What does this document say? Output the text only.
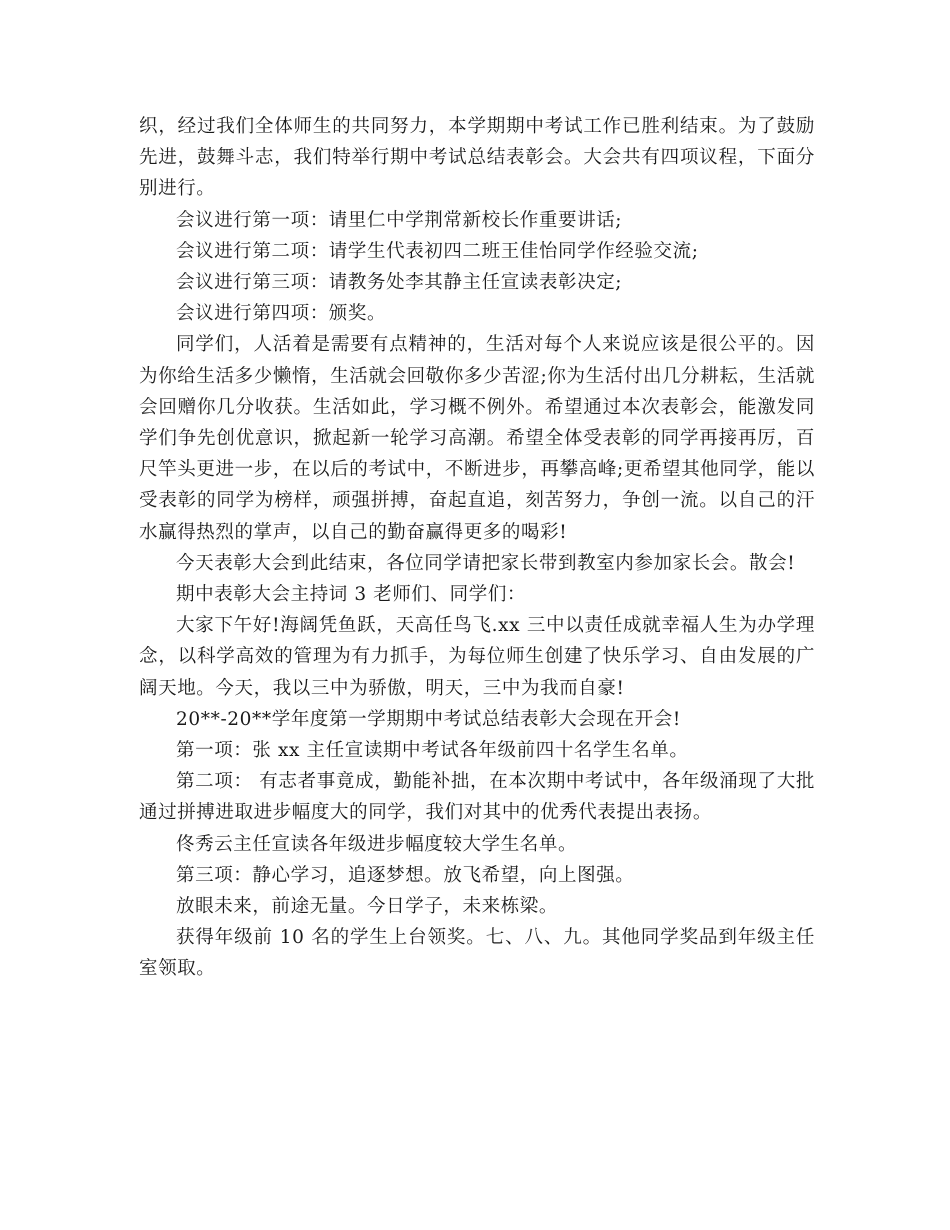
织，经过我们全体师生的共同努力，本学期期中考试工作已胜利结束。为了鼓励先进，鼓舞斗志，我们特举行期中考试总结表彰会。大会共有四项议程，下面分别进行。

会议进行第一项：请里仁中学荆常新校长作重要讲话;

会议进行第二项：请学生代表初四二班王佳怡同学作经验交流;

会议进行第三项：请教务处李其静主任宣读表彰决定;

会议进行第四项：颁奖。

同学们，人活着是需要有点精神的，生活对每个人来说应该是很公平的。因为你给生活多少懒惰，生活就会回敬你多少苦涩;你为生活付出几分耕耘，生活就会回赠你几分收获。生活如此，学习概不例外。希望通过本次表彰会，能激发同学们争先创优意识，掀起新一轮学习高潮。希望全体受表彰的同学再接再厉，百尺竿头更进一步，在以后的考试中，不断进步，再攀高峰;更希望其他同学，能以受表彰的同学为榜样，顽强拼搏，奋起直追，刻苦努力，争创一流。以自己的汗水赢得热烈的掌声，以自己的勤奋赢得更多的喝彩!

今天表彰大会到此结束，各位同学请把家长带到教室内参加家长会。散会!

期中表彰大会主持词 3 老师们、同学们：

大家下午好!海阔凭鱼跃，天高任鸟飞.xx 三中以责任成就幸福人生为办学理念，以科学高效的管理为有力抓手，为每位师生创建了快乐学习、自由发展的广阔天地。今天，我以三中为骄傲，明天，三中为我而自豪!

20**-20**学年度第一学期期中考试总结表彰大会现在开会!

第一项：张 xx 主任宣读期中考试各年级前四十名学生名单。

第二项： 有志者事竟成，勤能补拙，在本次期中考试中，各年级涌现了大批通过拼搏进取进步幅度大的同学，我们对其中的优秀代表提出表扬。

佟秀云主任宣读各年级进步幅度较大学生名单。

第三项：静心学习，追逐梦想。放飞希望，向上图强。

放眼未来，前途无量。今日学子，未来栋梁。

获得年级前 10 名的学生上台领奖。七、八、九。其他同学奖品到年级主任室领取。
